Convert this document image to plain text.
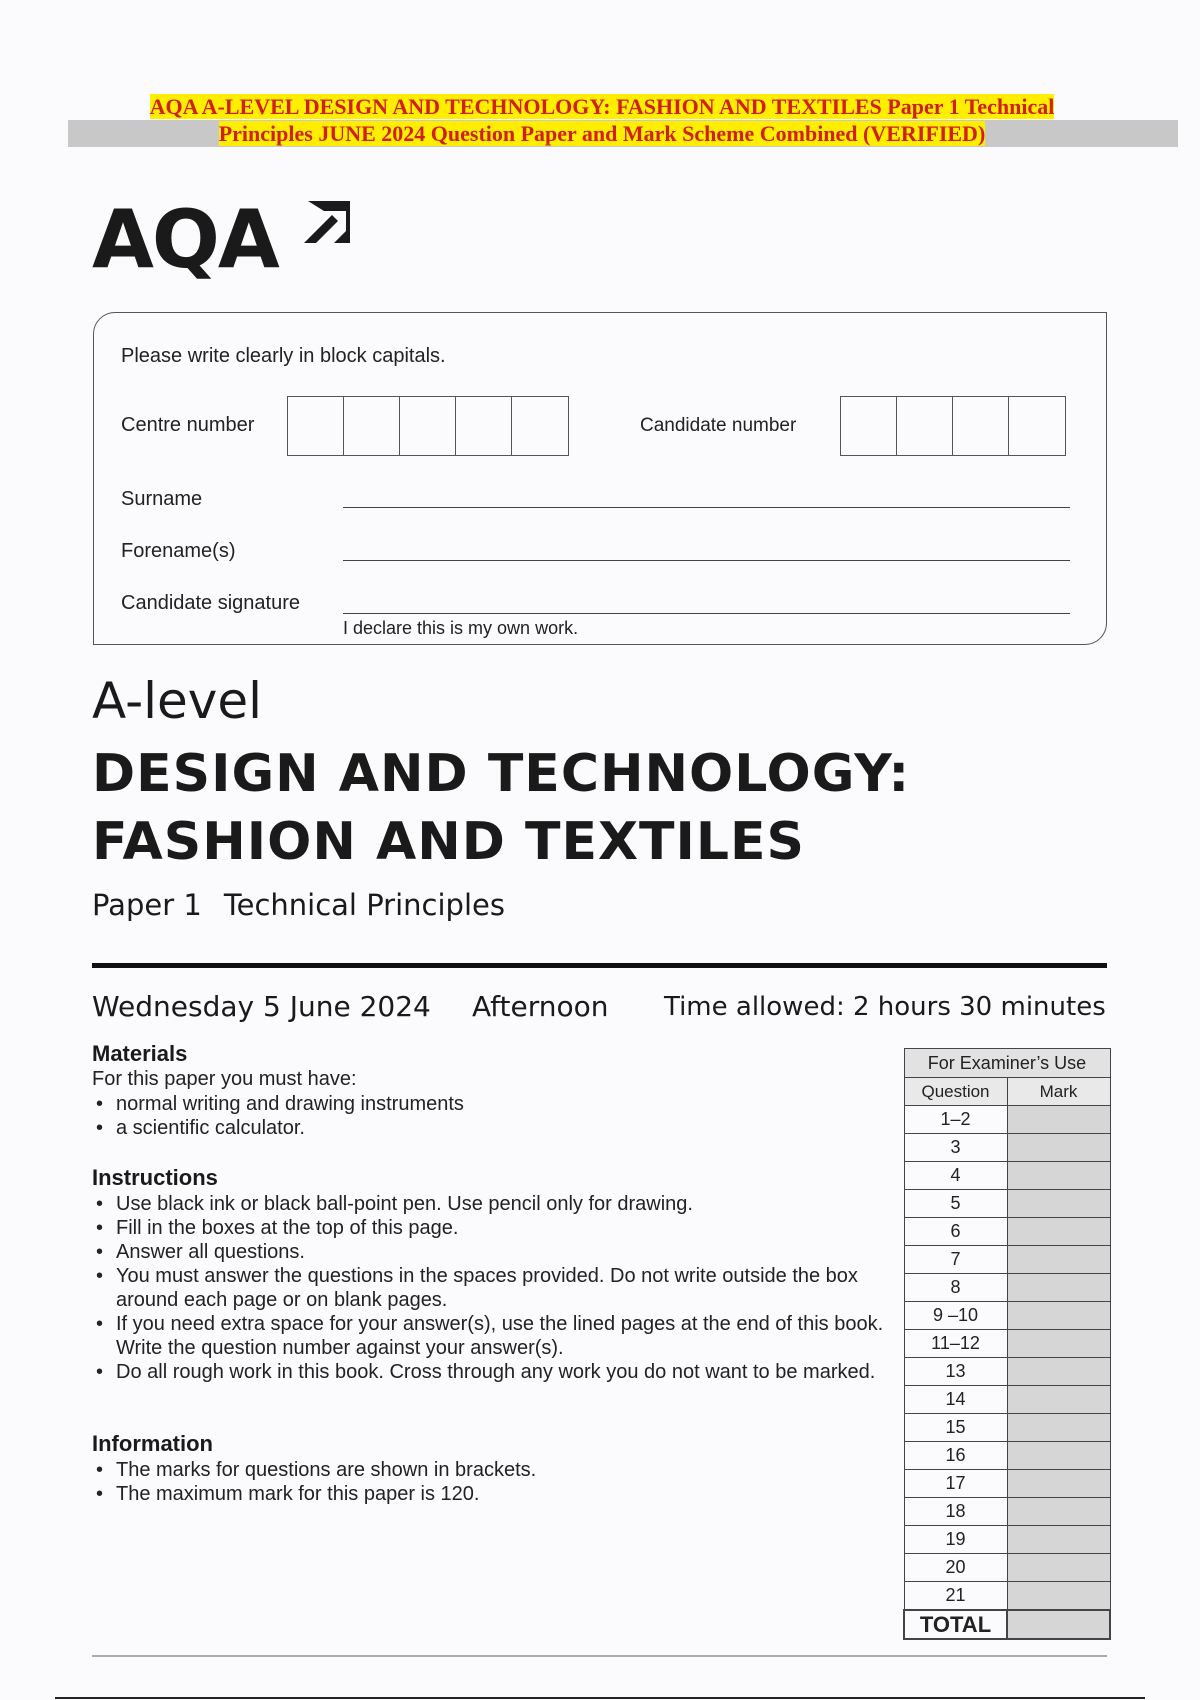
AQA A-LEVEL DESIGN AND TECHNOLOGY: FASHION AND TEXTILES Paper 1 Technical
Principles JUNE 2024 Question Paper and Mark Scheme Combined (VERIFIED)
AQA
Please write clearly in block capitals.
Centre number	Candidate number
Surname
Forename(s)
Candidate signature
I declare this is my own work.
A-level
DESIGN AND TECHNOLOGY:
FASHION AND TEXTILES
Paper 1 Technical Principles
Wednesday 5 June 2024 Afternoon Time allowed: 2 hours 30 minutes
Materials
For this paper you must have:
• normal writing and drawing instruments
• a scientific calculator.
Instructions
• Use black ink or black ball-point pen. Use pencil only for drawing.
• Fill in the boxes at the top of this page.
• Answer all questions.
• You must answer the questions in the spaces provided. Do not write outside the box around each page or on blank pages.
• If you need extra space for your answer(s), use the lined pages at the end of this book. Write the question number against your answer(s).
• Do all rough work in this book. Cross through any work you do not want to be marked.
Information
• The marks for questions are shown in brackets.
• The maximum mark for this paper is 120.
For Examiner’s Use	
Question	Mark
1–2	
3	
4	
5	
6	
7	
8	
9 –10	
11–12	
13	
14	
15	
16	
17	
18	
19	
20	
21	
TOTAL	
